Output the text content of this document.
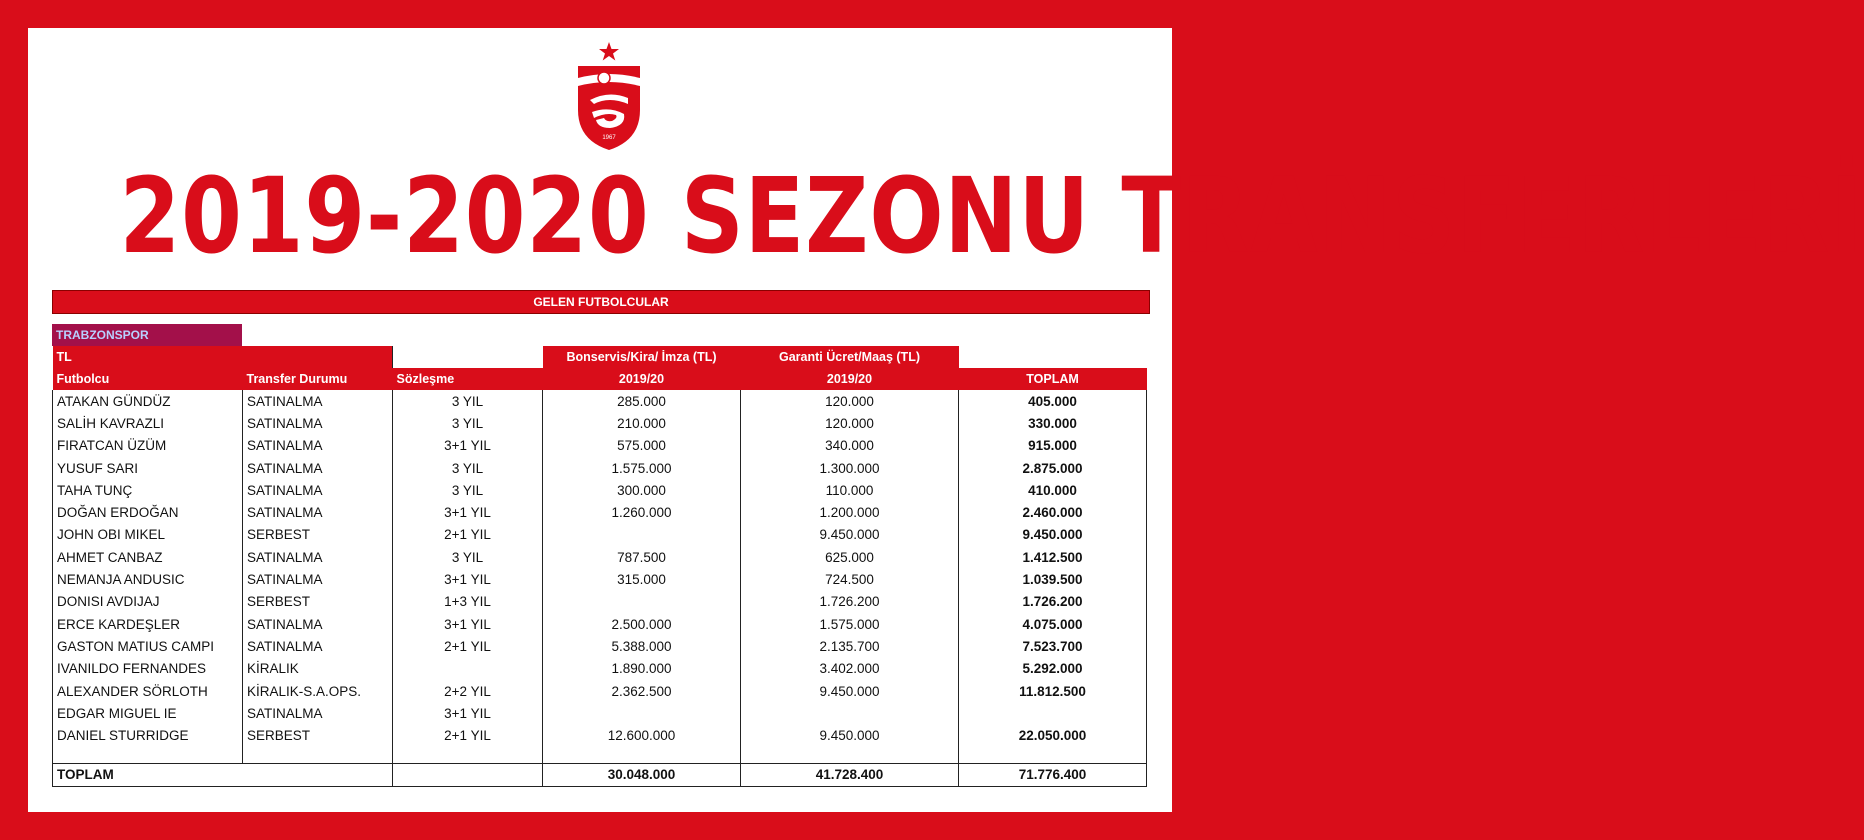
1967
2019-2020 SEZONU TRANSFERLERİ
GELEN FUTBOLCULAR
TRABZONSPOR
TL			Bonservis/Kira/ İmza (TL)	Garanti Ücret/Maaş (TL)	
Futbolcu	Transfer Durumu	Sözleşme	2019/20	2019/20	TOPLAM
ATAKAN GÜNDÜZ	SATINALMA	3 YIL	285.000	120.000	405.000
SALİH KAVRAZLI	SATINALMA	3 YIL	210.000	120.000	330.000
FIRATCAN ÜZÜM	SATINALMA	3+1 YIL	575.000	340.000	915.000
YUSUF SARI	SATINALMA	3 YIL	1.575.000	1.300.000	2.875.000
TAHA TUNÇ	SATINALMA	3 YIL	300.000	110.000	410.000
DOĞAN ERDOĞAN	SATINALMA	3+1 YIL	1.260.000	1.200.000	2.460.000
JOHN OBI MIKEL	SERBEST	2+1 YIL		9.450.000	9.450.000
AHMET CANBAZ	SATINALMA	3 YIL	787.500	625.000	1.412.500
NEMANJA ANDUSIC	SATINALMA	3+1 YIL	315.000	724.500	1.039.500
DONISI AVDIJAJ	SERBEST	1+3 YIL		1.726.200	1.726.200
ERCE KARDEŞLER	SATINALMA	3+1 YIL	2.500.000	1.575.000	4.075.000
GASTON MATIUS CAMPI	SATINALMA	2+1 YIL	5.388.000	2.135.700	7.523.700
IVANILDO FERNANDES	KİRALIK		1.890.000	3.402.000	5.292.000
ALEXANDER SÖRLOTH	KİRALIK-S.A.OPS.	2+2 YIL	2.362.500	9.450.000	11.812.500
EDGAR MIGUEL IE	SATINALMA	3+1 YIL			
DANIEL STURRIDGE	SERBEST	2+1 YIL	12.600.000	9.450.000	22.050.000

TOPLAM			30.048.000	41.728.400	71.776.400
